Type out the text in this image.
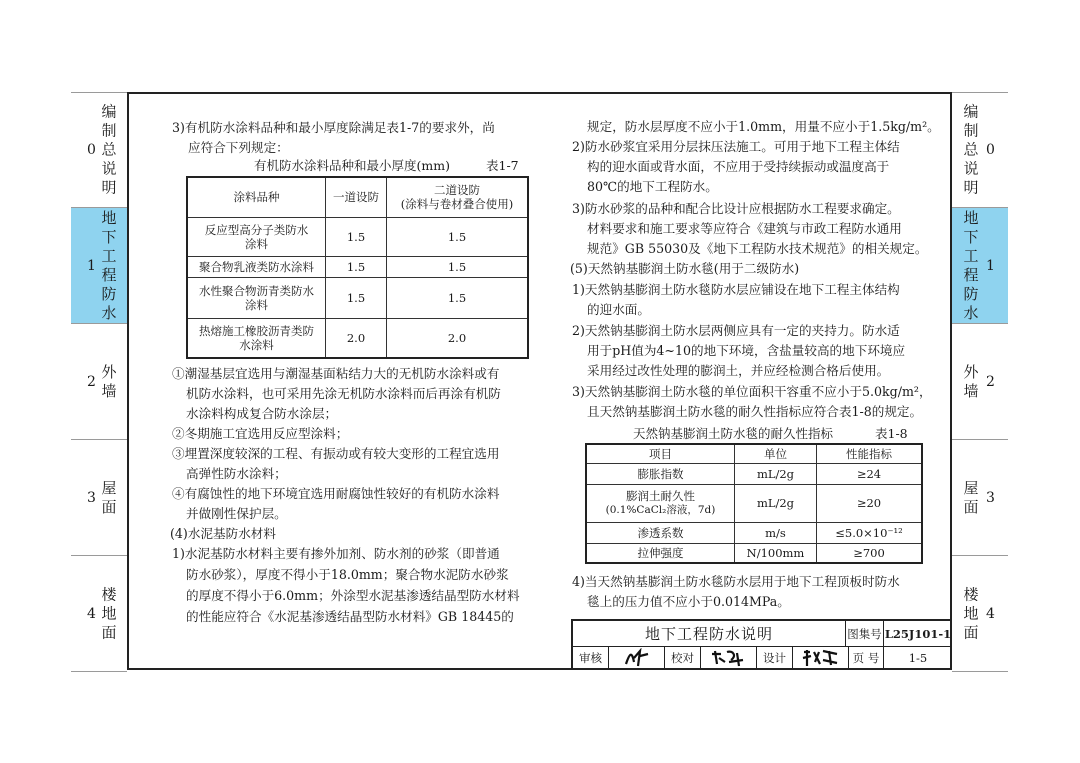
0
编制总说明
1
地下工程防水
2
外墙
3
屋面
4
楼地面
0
编制总说明
1
地下工程防水
2
外墙
3
屋面
4
楼地面
3)有机防水涂料品种和最小厚度除满足表1-7的要求外，尚
应符合下列规定：
有机防水涂料品种和最小厚度(mm)	表1-7
涂料品种	一道设防	二道设防
(涂料与卷材叠合使用)

反应型高分子类防水
涂料	1.5	1.5
聚合物乳液类防水涂料	1.5	1.5

水性聚合物沥青类防水
涂料	1.5	1.5

热熔施工橡胶沥青类防
水涂料	2.0	2.0
①潮湿基层宜选用与潮湿基面粘结力大的无机防水涂料或有
机防水涂料，也可采用先涂无机防水涂料而后再涂有机防
水涂料构成复合防水涂层；
②冬期施工宜选用反应型涂料；
③埋置深度较深的工程、有振动或有较大变形的工程宜选用
高弹性防水涂料；
④有腐蚀性的地下环境宜选用耐腐蚀性较好的有机防水涂料
并做刚性保护层。
(4)水泥基防水材料
1)水泥基防水材料主要有掺外加剂、防水剂的砂浆（即普通
防水砂浆），厚度不得小于18.0mm；聚合物水泥防水砂浆
的厚度不得小于6.0mm；外涂型水泥基渗透结晶型防水材料
的性能应符合《水泥基渗透结晶型防水材料》GB 18445的
规定，防水层厚度不应小于1.0mm，用量不应小于1.5kg/m²。
2)防水砂浆宜采用分层抹压法施工。可用于地下工程主体结
构的迎水面或背水面，不应用于受持续振动或温度高于
80℃的地下工程防水。
3)防水砂浆的品种和配合比设计应根据防水工程要求确定。
材料要求和施工要求等应符合《建筑与市政工程防水通用
规范》GB 55030及《地下工程防水技术规范》的相关规定。
(5)天然钠基膨润土防水毯(用于二级防水)
1)天然钠基膨润土防水毯防水层应铺设在地下工程主体结构
的迎水面。
2)天然钠基膨润土防水层两侧应具有一定的夹持力。防水适
用于pH值为4~10的地下环境，含盐量较高的地下环境应
采用经过改性处理的膨润土，并应经检测合格后使用。
3)天然钠基膨润土防水毯的单位面积干容重不应小于5.0kg/m²，
且天然钠基膨润土防水毯的耐久性指标应符合表1-8的规定。
天然钠基膨润土防水毯的耐久性指标	表1-8
项目	单位	性能指标
膨胀指数	mL/2g	≥24

膨润土耐久性
(0.1%CaCl₂溶液，7d)	mL/2g	≥20
渗透系数	m/s	≤5.0×10⁻¹²
拉伸强度	N/100mm	≥700
4)当天然钠基膨润土防水毯防水层用于地下工程顶板时防水
毯上的压力值不应小于0.014MPa。
地下工程防水说明	图集号 L25J101-1
审核	校对	设计	页 号	1-5
